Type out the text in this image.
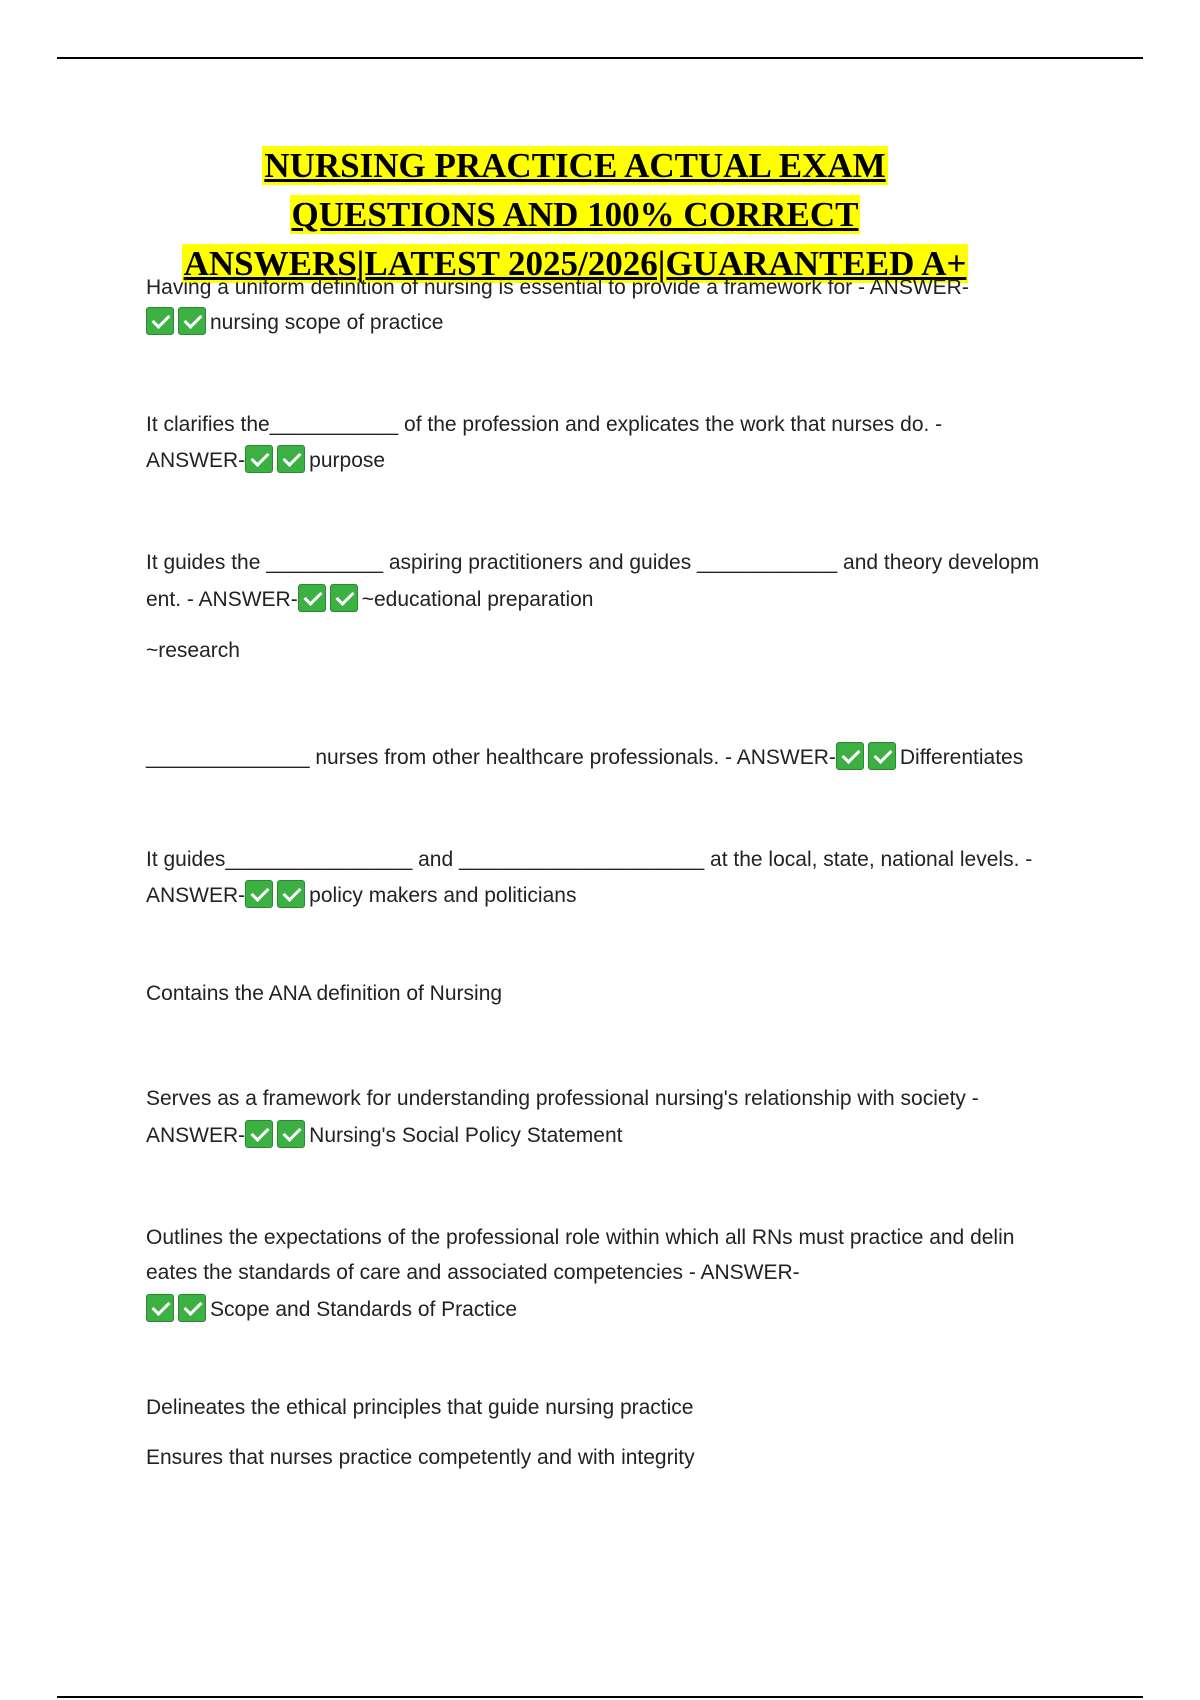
NURSING PRACTICE ACTUAL EXAM
QUESTIONS AND 100% CORRECT
ANSWERS|LATEST 2025/2026|GUARANTEED A+
Having a uniform definition of nursing is essential to provide a framework for - ANSWER-
nursing scope of practice
It clarifies the___________ of the profession and explicates the work that nurses do. -
ANSWER-	purpose
It guides the __________ aspiring practitioners and guides ____________ and theory developm
ent. - ANSWER-	~educational preparation
~research
______________ nurses from other healthcare professionals. - ANSWER-	Differentiates
It guides________________ and _____________________ at the local, state, national levels. -
ANSWER-	policy makers and politicians
Contains the ANA definition of Nursing
Serves as a framework for understanding professional nursing's relationship with society -
ANSWER-	Nursing's Social Policy Statement
Outlines the expectations of the professional role within which all RNs must practice and delin
eates the standards of care and associated competencies - ANSWER-
Scope and Standards of Practice
Delineates the ethical principles that guide nursing practice
Ensures that nurses practice competently and with integrity
